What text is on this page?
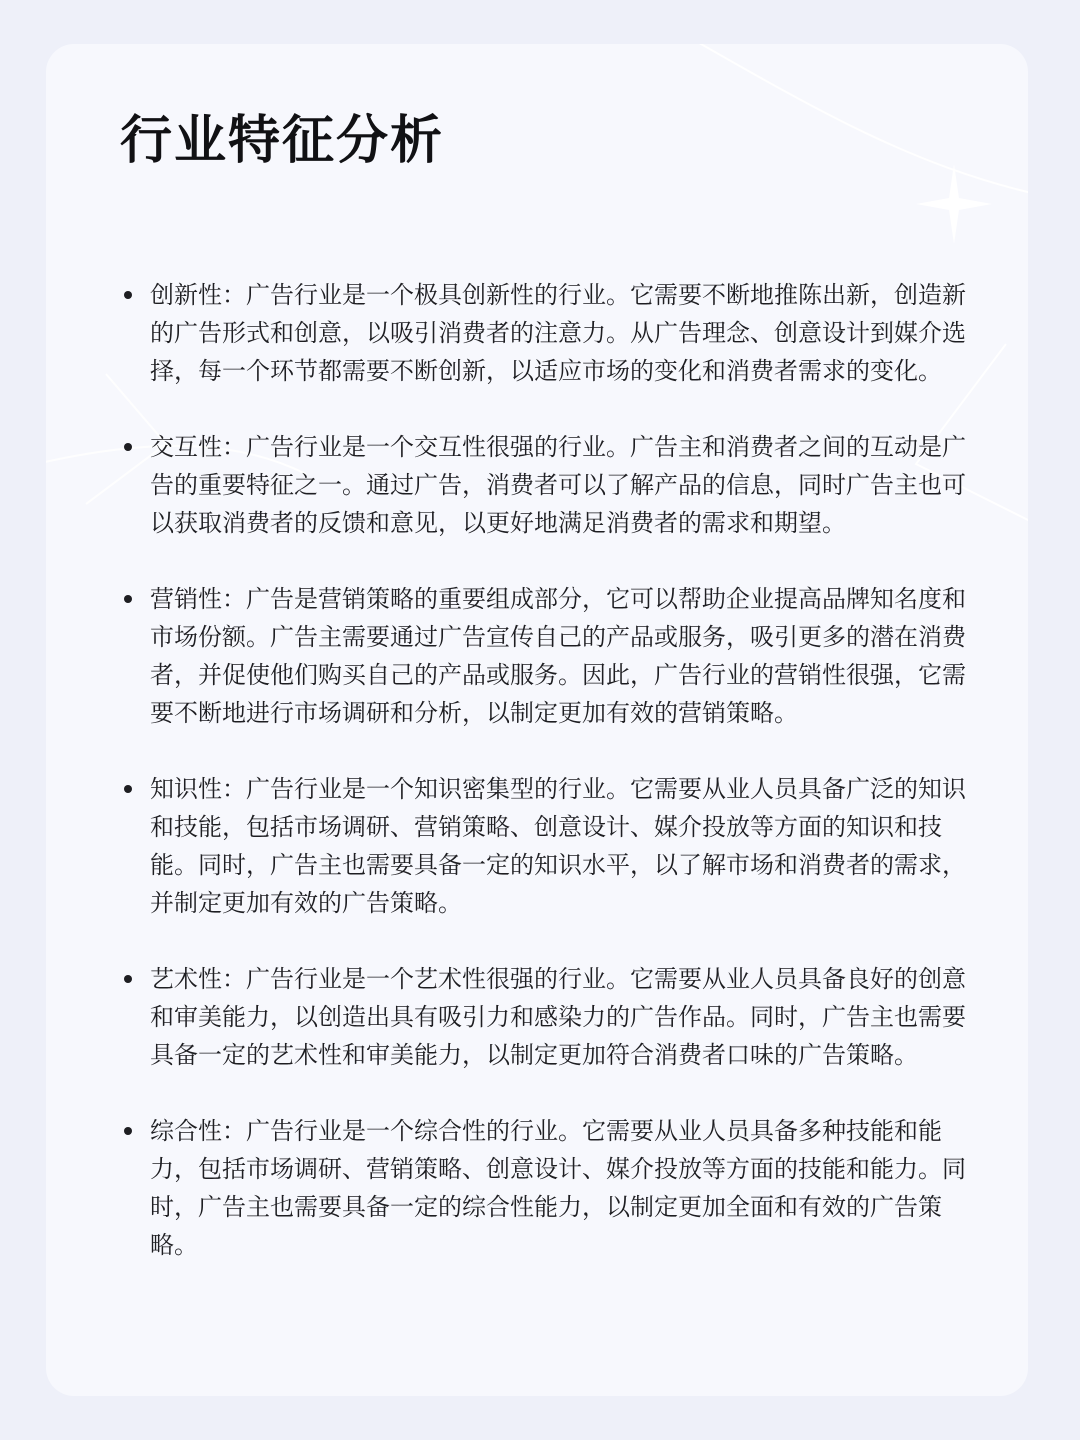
行业特征分析
创新性：广告行业是一个极具创新性的行业。它需要不断地推陈出新，创造新的广告形式和创意，以吸引消费者的注意力。从广告理念、创意设计到媒介选择，每一个环节都需要不断创新，以适应市场的变化和消费者需求的变化。
交互性：广告行业是一个交互性很强的行业。广告主和消费者之间的互动是广告的重要特征之一。通过广告，消费者可以了解产品的信息，同时广告主也可以获取消费者的反馈和意见，以更好地满足消费者的需求和期望。
营销性：广告是营销策略的重要组成部分，它可以帮助企业提高品牌知名度和市场份额。广告主需要通过广告宣传自己的产品或服务，吸引更多的潜在消费者，并促使他们购买自己的产品或服务。因此，广告行业的营销性很强，它需要不断地进行市场调研和分析，以制定更加有效的营销策略。
知识性：广告行业是一个知识密集型的行业。它需要从业人员具备广泛的知识和技能，包括市场调研、营销策略、创意设计、媒介投放等方面的知识和技能。同时，广告主也需要具备一定的知识水平，以了解市场和消费者的需求，并制定更加有效的广告策略。
艺术性：广告行业是一个艺术性很强的行业。它需要从业人员具备良好的创意和审美能力，以创造出具有吸引力和感染力的广告作品。同时，广告主也需要具备一定的艺术性和审美能力，以制定更加符合消费者口味的广告策略。
综合性：广告行业是一个综合性的行业。它需要从业人员具备多种技能和能力，包括市场调研、营销策略、创意设计、媒介投放等方面的技能和能力。同时，广告主也需要具备一定的综合性能力，以制定更加全面和有效的广告策略。
